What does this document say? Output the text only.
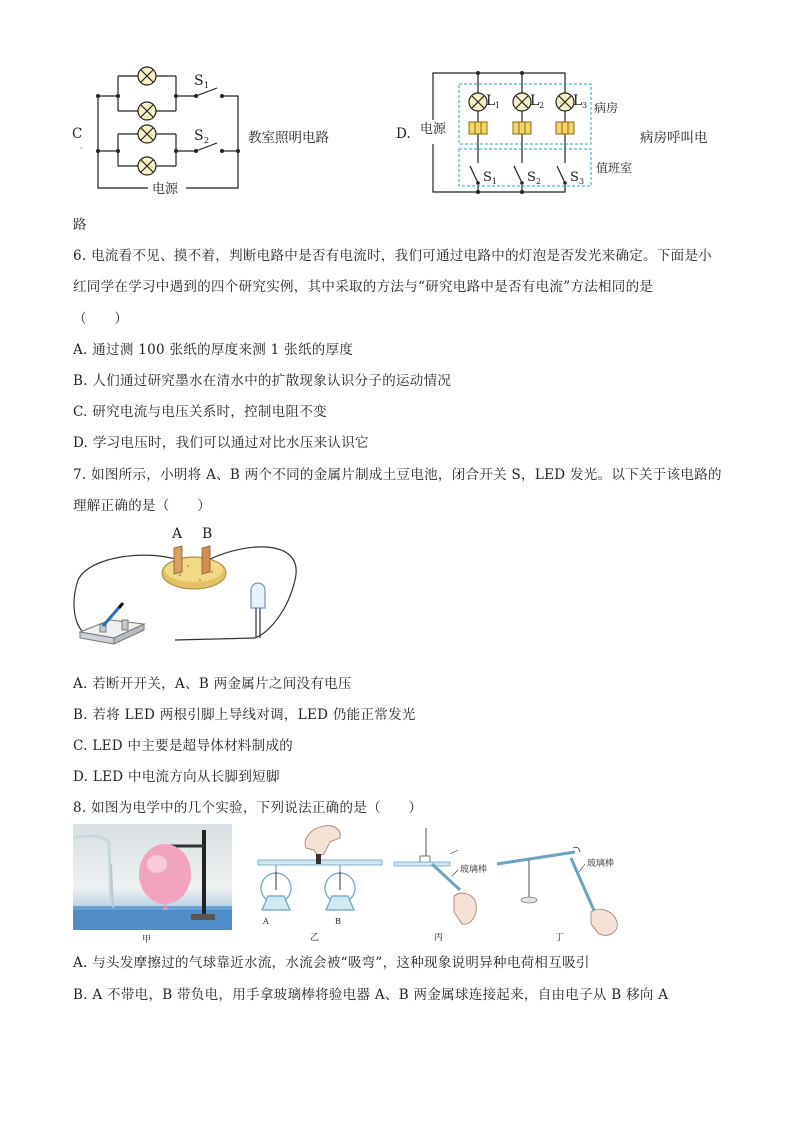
电源
S 1
S 2
C
·
教室照明电路	D. 电源
L 1 L 2 L 3 病房
S 1 S 2 S 3
值班室
病房呼叫电
路
6. 电流看不见、摸不着，判断电路中是否有电流时，我们可通过电路中的灯泡是否发光来确定。下面是小
红同学在学习中遇到的四个研究实例，其中采取的方法与“研究电路中是否有电流”方法相同的是
（　　）
A. 通过测 100 张纸的厚度来测 1 张纸的厚度
B. 人们通过研究墨水在清水中的扩散现象认识分子的运动情况
C. 研究电流与电压关系时，控制电阻不变
D. 学习电压时，我们可以通过对比水压来认识它
7. 如图所示，小明将 A、B 两个不同的金属片制成土豆电池，闭合开关 S，LED 发光。以下关于该电路的
理解正确的是（　　）
A B
A. 若断开开关，A、B 两金属片之间没有电压
B. 若将 LED 两根引脚上导线对调，LED 仍能正常发光
C. LED 中主要是超导体材料制成的
D. LED 中电流方向从长脚到短脚
8. 如图为电学中的几个实验，下列说法正确的是（　　）
甲
A	B
乙
玻璃棒
丙
玻璃棒
丁
A. 与头发摩擦过的气球靠近水流，水流会被“吸弯”，这种现象说明异种电荷相互吸引
B. A 不带电，B 带负电，用手拿玻璃棒将验电器 A、B 两金属球连接起来，自由电子从 B 移向 A
